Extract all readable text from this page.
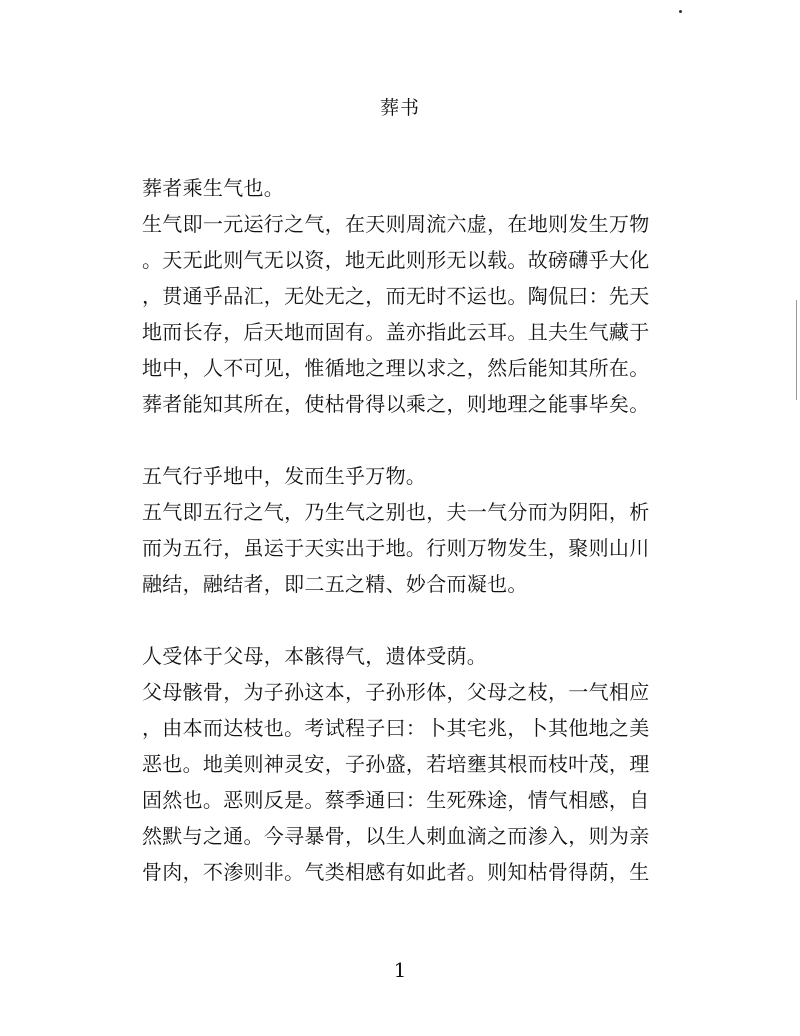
葬书
葬者乘生气也。
生气即一元运行之气，在天则周流六虚，在地则发生万物
。天无此则气无以资，地无此则形无以载。故磅礴乎大化
，贯通乎品汇，无处无之，而无时不运也。陶侃曰：先天
地而长存，后天地而固有。盖亦指此云耳。且夫生气藏于
地中，人不可见，惟循地之理以求之，然后能知其所在。
葬者能知其所在，使枯骨得以乘之，则地理之能事毕矣。
五气行乎地中，发而生乎万物。
五气即五行之气，乃生气之别也，夫一气分而为阴阳，析
而为五行，虽运于天实出于地。行则万物发生，聚则山川
融结，融结者，即二五之精、妙合而凝也。
人受体于父母，本骸得气，遗体受荫。
父母骸骨，为子孙这本，子孙形体，父母之枝，一气相应
，由本而达枝也。考试程子曰：卜其宅兆，卜其他地之美
恶也。地美则神灵安，子孙盛，若培壅其根而枝叶茂，理
固然也。恶则反是。蔡季通曰：生死殊途，情气相感，自
然默与之通。今寻暴骨，以生人刺血滴之而渗入，则为亲
骨肉，不渗则非。气类相感有如此者。则知枯骨得荫，生
1
